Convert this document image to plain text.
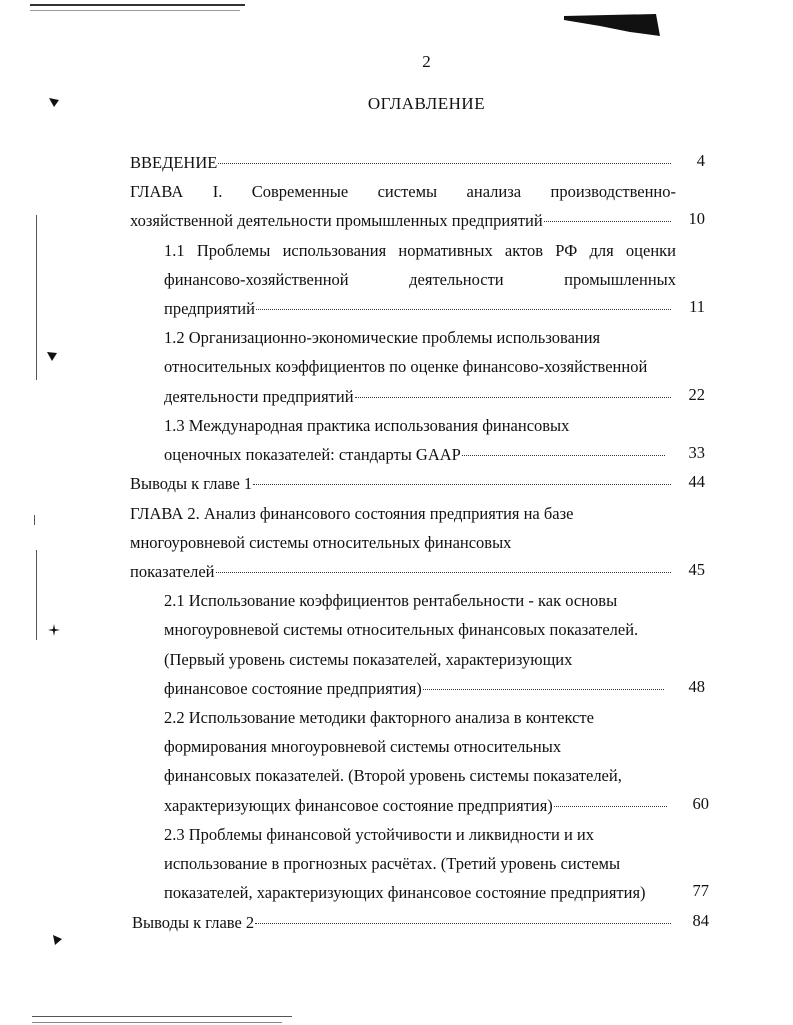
2
ОГЛАВЛЕНИЕ
ВВЕДЕНИЕ	4
ГЛАВА I. Современные системы анализа производственно-
хозяйственной деятельности промышленных предприятий	10
1.1 Проблемы использования нормативных актов РФ для оценки
финансово-хозяйственной деятельности промышленных
предприятий	11
1.2 Организационно-экономические проблемы использования
относительных коэффициентов по оценке финансово-хозяйственной
деятельности предприятий	22
1.3 Международная практика использования финансовых
оценочных показателей: стандарты GAAP	33
Выводы к главе 1	44
ГЛАВА 2. Анализ финансового состояния предприятия на базе
многоуровневой системы относительных финансовых
показателей	45
2.1 Использование коэффициентов рентабельности - как основы
многоуровневой системы относительных финансовых показателей.
(Первый уровень системы показателей, характеризующих
финансовое состояние предприятия)	48
2.2 Использование методики факторного анализа в контексте
формирования многоуровневой системы относительных
финансовых показателей. (Второй уровень системы показателей,
характеризующих финансовое состояние предприятия)	60
2.3 Проблемы финансовой устойчивости и ликвидности и их
использование в прогнозных расчётах. (Третий уровень системы
показателей, характеризующих финансовое состояние предприятия)	77
Выводы к главе 2	84
